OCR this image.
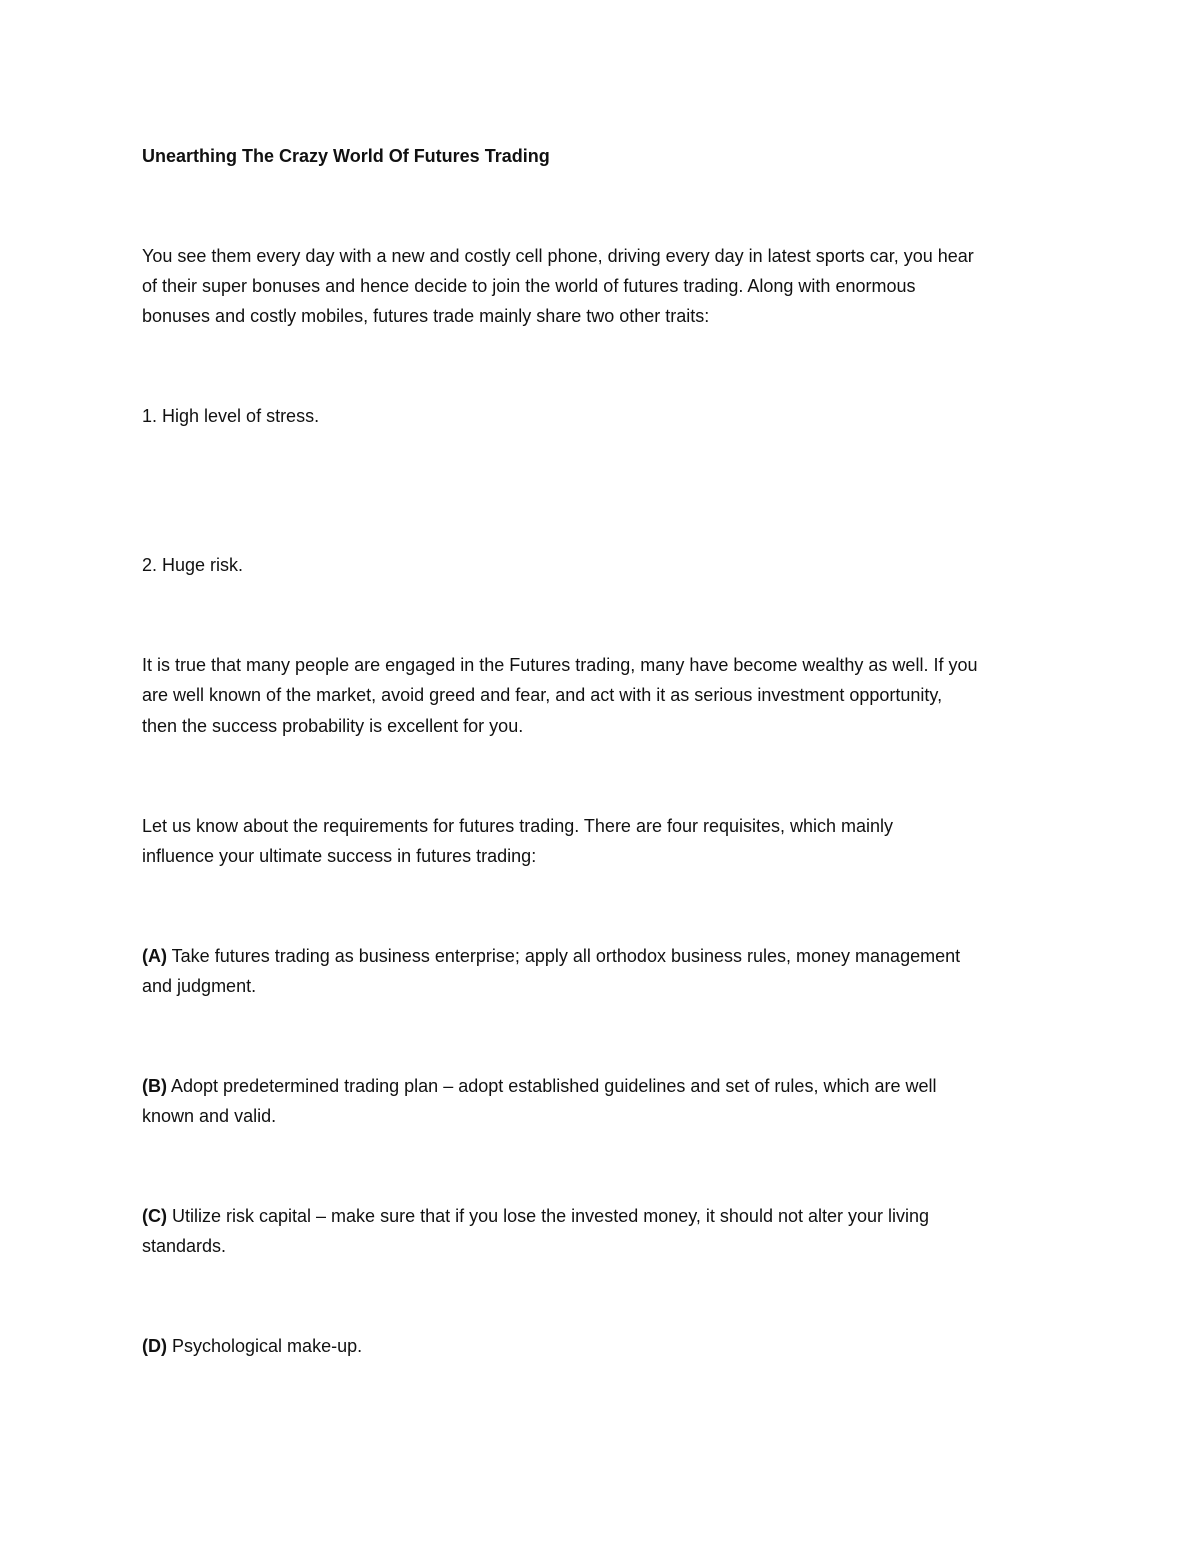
Unearthing The Crazy World Of Futures Trading
You see them every day with a new and costly cell phone, driving every day in latest sports car, you hear
of their super bonuses and hence decide to join the world of futures trading. Along with enormous
bonuses and costly mobiles, futures trade mainly share two other traits:
1. High level of stress.
2. Huge risk.
It is true that many people are engaged in the Futures trading, many have become wealthy as well. If you
are well known of the market, avoid greed and fear, and act with it as serious investment opportunity,
then the success probability is excellent for you.
Let us know about the requirements for futures trading. There are four requisites, which mainly
influence your ultimate success in futures trading:
(A) Take futures trading as business enterprise; apply all orthodox business rules, money management
and judgment.
(B) Adopt predetermined trading plan – adopt established guidelines and set of rules, which are well
known and valid.
(C) Utilize risk capital – make sure that if you lose the invested money, it should not alter your living
standards.
(D) Psychological make-up.
